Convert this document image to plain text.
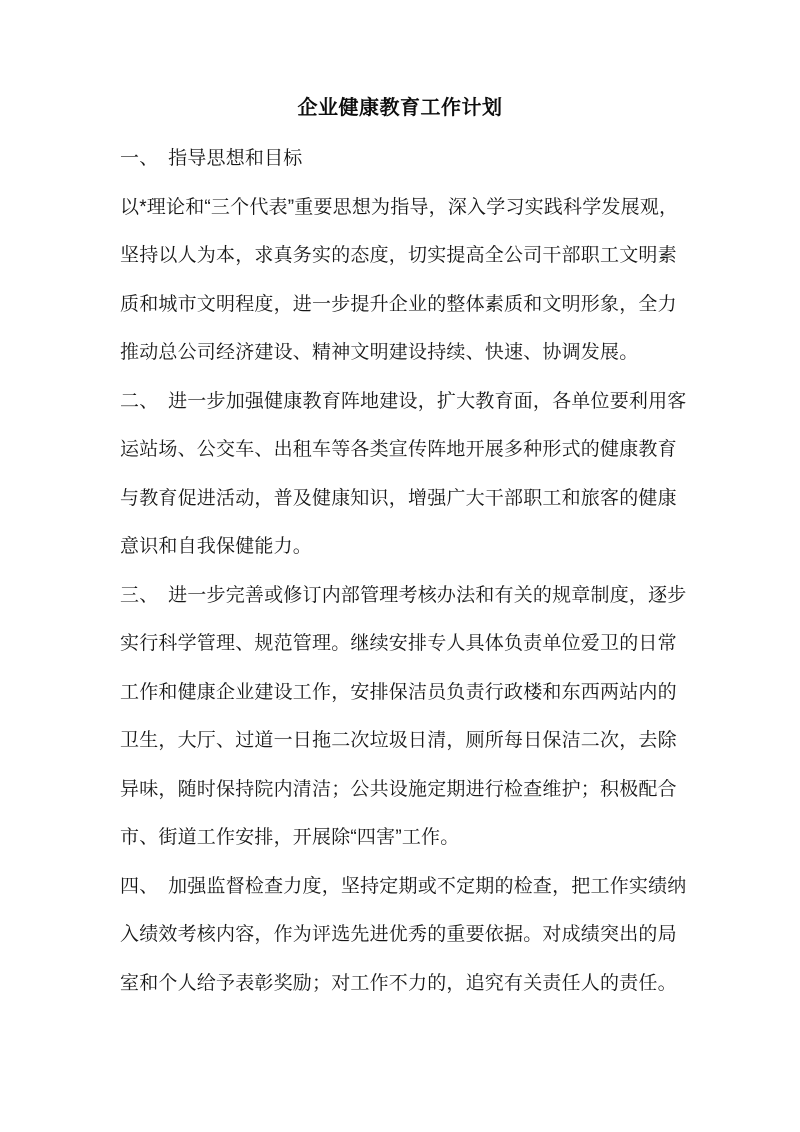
企业健康教育工作计划
一、　指导思想和目标
以*理论和“三个代表”重要思想为指导，深入学习实践科学发展观，
坚持以人为本，求真务实的态度，切实提高全公司干部职工文明素
质和城市文明程度，进一步提升企业的整体素质和文明形象，全力
推动总公司经济建设、精神文明建设持续、快速、协调发展。
二、　进一步加强健康教育阵地建设，扩大教育面，各单位要利用客
运站场、公交车、出租车等各类宣传阵地开展多种形式的健康教育
与教育促进活动，普及健康知识，增强广大干部职工和旅客的健康
意识和自我保健能力。
三、　进一步完善或修订内部管理考核办法和有关的规章制度，逐步
实行科学管理、规范管理。继续安排专人具体负责单位爱卫的日常
工作和健康企业建设工作，安排保洁员负责行政楼和东西两站内的
卫生，大厅、过道一日拖二次垃圾日清，厕所每日保洁二次，去除
异味，随时保持院内清洁；公共设施定期进行检查维护；积极配合
市、街道工作安排，开展除“四害”工作。
四、　加强监督检查力度，坚持定期或不定期的检查，把工作实绩纳
入绩效考核内容，作为评选先进优秀的重要依据。对成绩突出的局
室和个人给予表彰奖励；对工作不力的，追究有关责任人的责任。
